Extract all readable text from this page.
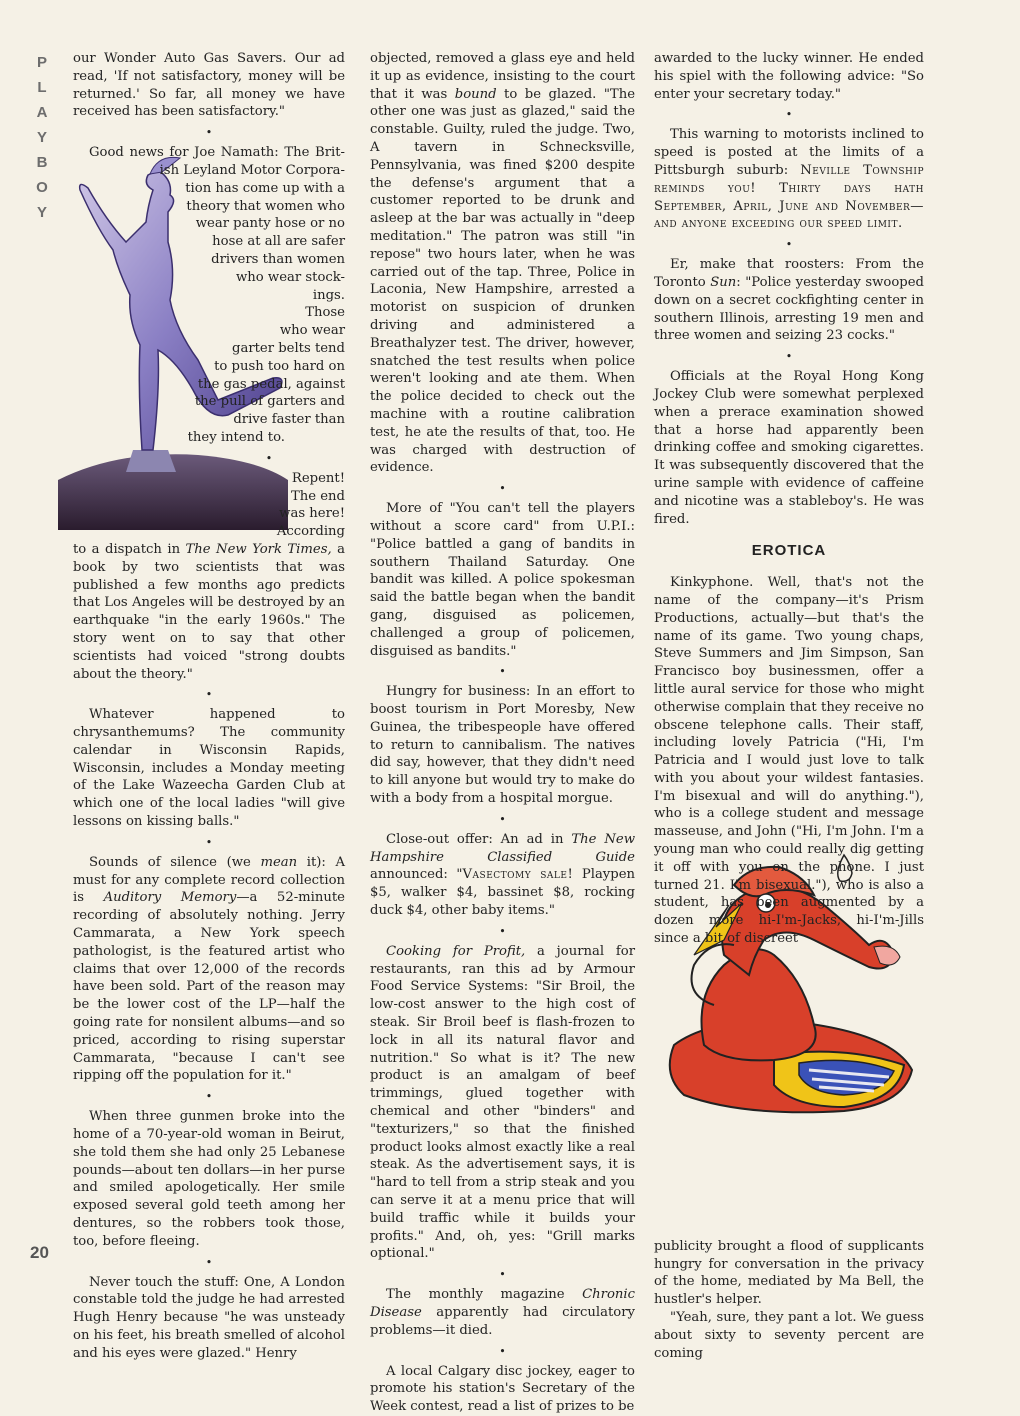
P
L
A
Y
B
O
Y
20

our Wonder Auto Gas Savers. Our ad read, 'If not satisfactory, money will be returned.' So far, all money we have received has been satisfactory."

•
Good news for Joe Namath: The Brit-
ish Leyland Motor Corpora-
tion has come up with a
theory that women who
wear panty hose or no
hose at all are safer
drivers than women
who wear stock-
ings.
Those
who wear
garter belts tend
to push too hard on
the gas pedal, against
the pull of garters and
drive faster than
they intend to.
•
Repent!
The end
was here!
According

to a dispatch in The New York Times, a book by two scientists that was published a few months ago predicts that Los Angeles will be destroyed by an earthquake "in the early 1960s." The story went on to say that other scientists had voiced "strong doubts about the theory."

•

Whatever happened to chrysanthemums? The community calendar in Wisconsin Rapids, Wisconsin, includes a Monday meeting of the Lake Wazeecha Garden Club at which one of the local ladies "will give lessons on kissing balls."

•

Sounds of silence (we mean it): A must for any complete record collection is Auditory Memory—a 52-minute recording of absolutely nothing. Jerry Cammarata, a New York speech pathologist, is the featured artist who claims that over 12,000 of the records have been sold. Part of the reason may be the lower cost of the LP—half the going rate for nonsilent albums—and so priced, according to rising superstar Cammarata, "because I can't see ripping off the population for it."

•

When three gunmen broke into the home of a 70-year-old woman in Beirut, she told them she had only 25 Lebanese pounds—about ten dollars—in her purse and smiled apologetically. Her smile exposed several gold teeth among her dentures, so the robbers took those, too, before fleeing.

•

Never touch the stuff: One, A London constable told the judge he had arrested Hugh Henry because "he was unsteady on his feet, his breath smelled of alcohol and his eyes were glazed." Henry

objected, removed a glass eye and held it up as evidence, insisting to the court that it was bound to be glazed. "The other one was just as glazed," said the constable. Guilty, ruled the judge. Two, A tavern in Schnecksville, Pennsylvania, was fined $200 despite the defense's argument that a customer reported to be drunk and asleep at the bar was actually in "deep meditation." The patron was still "in repose" two hours later, when he was carried out of the tap. Three, Police in Laconia, New Hampshire, arrested a motorist on suspicion of drunken driving and administered a Breathalyzer test. The driver, however, snatched the test results when police weren't looking and ate them. When the police decided to check out the machine with a routine calibration test, he ate the results of that, too. He was charged with destruction of evidence.

•

More of "You can't tell the players without a score card" from U.P.I.: "Police battled a gang of bandits in southern Thailand Saturday. One bandit was killed. A police spokesman said the battle began when the bandit gang, disguised as policemen, challenged a group of policemen, disguised as bandits."

•

Hungry for business: In an effort to boost tourism in Port Moresby, New Guinea, the tribespeople have offered to return to cannibalism. The natives did say, however, that they didn't need to kill anyone but would try to make do with a body from a hospital morgue.

•

Close-out offer: An ad in The New Hampshire Classified Guide announced: "Vasectomy sale! Playpen $5, walker $4, bassinet $8, rocking duck $4, other baby items."

•

Cooking for Profit, a journal for restaurants, ran this ad by Armour Food Service Systems: "Sir Broil, the low-cost answer to the high cost of steak. Sir Broil beef is flash-frozen to lock in all its natural flavor and nutrition." So what is it? The new product is an amalgam of beef trimmings, glued together with chemical and other "binders" and "texturizers," so that the finished product looks almost exactly like a real steak. As the advertisement says, it is "hard to tell from a strip steak and you can serve it at a menu price that will build traffic while it builds your profits." And, oh, yes: "Grill marks optional."

•

The monthly magazine Chronic Disease apparently had circulatory problems—it died.

•

A local Calgary disc jockey, eager to promote his station's Secretary of the Week contest, read a list of prizes to be

awarded to the lucky winner. He ended his spiel with the following advice: "So enter your secretary today."

•

This warning to motorists inclined to speed is posted at the limits of a Pittsburgh suburb: Neville Township reminds you! Thirty days hath September, April, June and November—and anyone exceeding our speed limit.

•

Er, make that roosters: From the Toronto Sun: "Police yesterday swooped down on a secret cockfighting center in southern Illinois, arresting 19 men and three women and seizing 23 cocks."

•

Officials at the Royal Hong Kong Jockey Club were somewhat perplexed when a prerace examination showed that a horse had apparently been drinking coffee and smoking cigarettes. It was subsequently discovered that the urine sample with evidence of caffeine and nicotine was a stableboy's. He was fired.

EROTICA

Kinkyphone. Well, that's not the name of the company—it's Prism Productions, actually—but that's the name of its game. Two young chaps, Steve Summers and Jim Simpson, San Francisco boy businessmen, offer a little aural service for those who might otherwise complain that they receive no obscene telephone calls. Their staff, including lovely Patricia ("Hi, I'm Patricia and I would just love to talk with you about your wildest fantasies. I'm bisexual and will do anything."), who is a college student and message masseuse, and John ("Hi, I'm John. I'm a young man who could really dig getting it off with you on the phone. I just turned 21. I'm bisexual."), who is also a student, has been augmented by a dozen more hi-I'm-Jacks, hi-I'm-Jills since a bit of discreet

publicity brought a flood of supplicants hungry for conversation in the privacy of the home, mediated by Ma Bell, the hustler's helper.

"Yeah, sure, they pant a lot. We guess about sixty to seventy percent are coming
